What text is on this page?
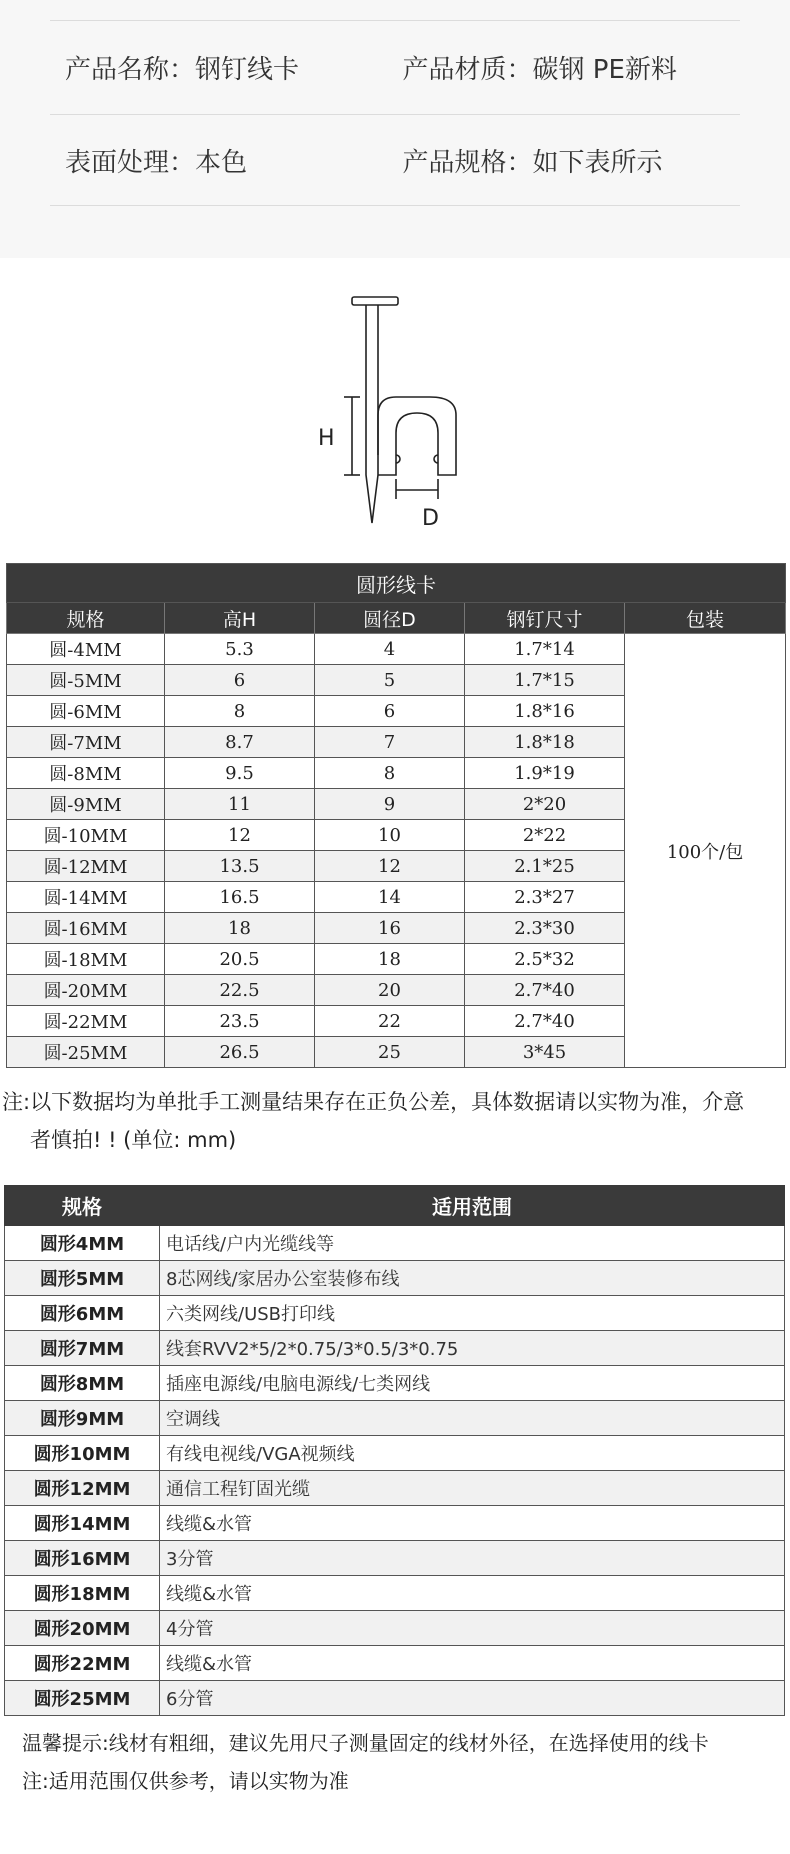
产品名称：钢钉线卡	产品材质：碳钢 PE新料
表面处理：本色	产品规格：如下表所示
H
D
圆形线卡				
规格	高H	圆径D	钢钉尺寸	包装
圆-4MM	5.3	4	1.7*14	100个/包
圆-5MM	6	5	1.7*15	
圆-6MM	8	6	1.8*16	
圆-7MM	8.7	7	1.8*18	
圆-8MM	9.5	8	1.9*19	
圆-9MM	11	9	2*20	
圆-10MM	12	10	2*22	
圆-12MM	13.5	12	2.1*25	
圆-14MM	16.5	14	2.3*27	
圆-16MM	18	16	2.3*30	
圆-18MM	20.5	18	2.5*32	
圆-20MM	22.5	20	2.7*40	
圆-22MM	23.5	22	2.7*40	
圆-25MM	26.5	25	3*45	
注:以下数据均为单批手工测量结果存在正负公差，具体数据请以实物为准，介意
者慎拍! ! (单位: mm)
规格	适用范围
圆形4MM	电话线/户内光缆线等
圆形5MM	8芯网线/家居办公室装修布线
圆形6MM	六类网线/USB打印线
圆形7MM	线套RVV2*5/2*0.75/3*0.5/3*0.75
圆形8MM	插座电源线/电脑电源线/七类网线
圆形9MM	空调线
圆形10MM	有线电视线/VGA视频线
圆形12MM	通信工程钉固光缆
圆形14MM	线缆&水管
圆形16MM	3分管
圆形18MM	线缆&水管
圆形20MM	4分管
圆形22MM	线缆&水管
圆形25MM	6分管
温馨提示:线材有粗细，建议先用尺子测量固定的线材外径，在选择使用的线卡
注:适用范围仅供参考，请以实物为准
